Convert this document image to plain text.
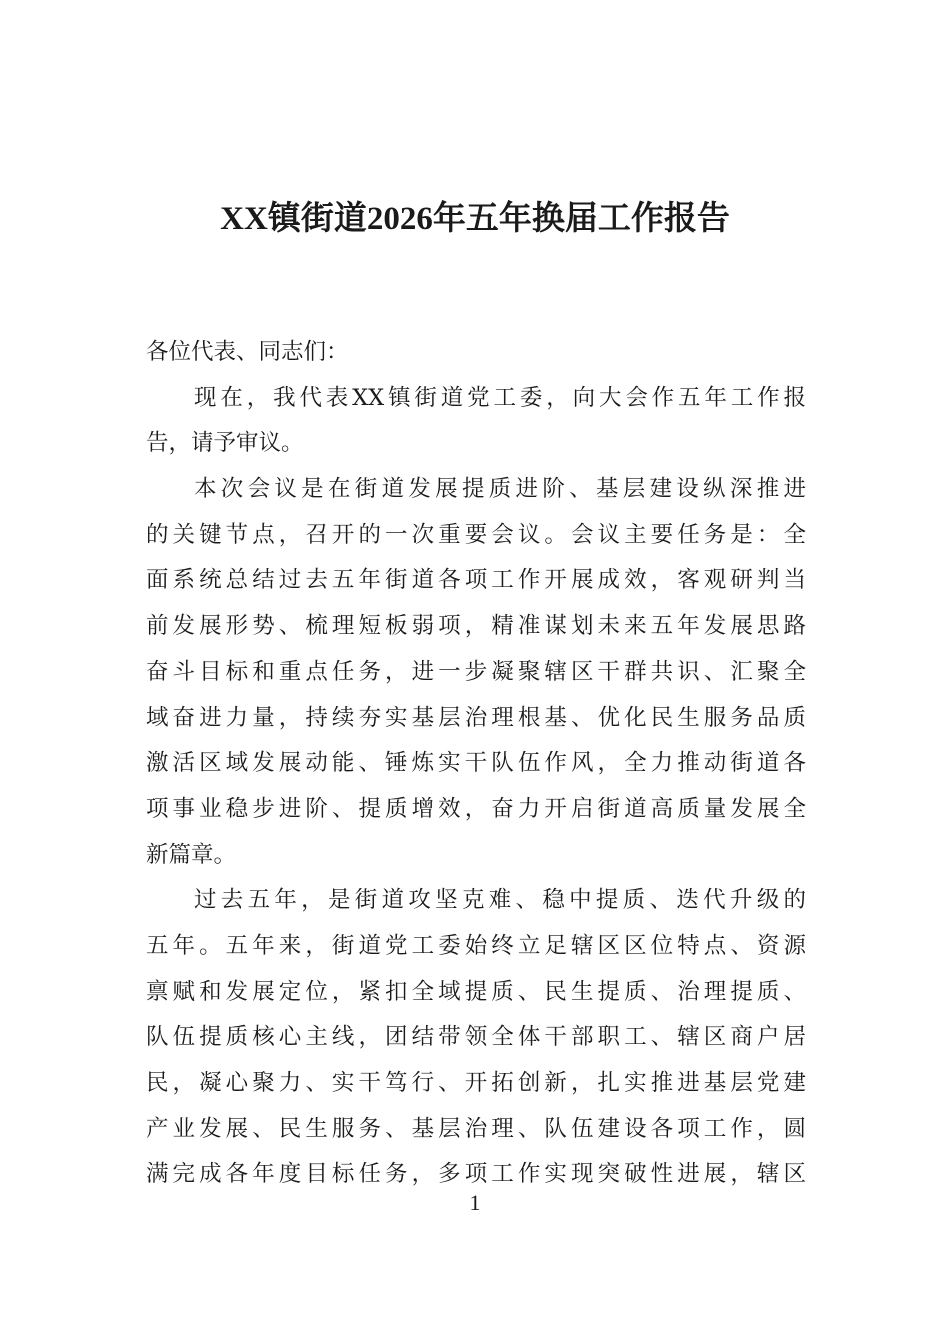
XX镇街道2026年五年换届工作报告
各位代表、同志们：
现在，我代表XX镇街道党工委，向大会作五年工作报
告，请予审议。
本次会议是在街道发展提质进阶、基层建设纵深推进
的关键节点，召开的一次重要会议。会议主要任务是：全
面系统总结过去五年街道各项工作开展成效，客观研判当
前发展形势、梳理短板弱项，精准谋划未来五年发展思路
奋斗目标和重点任务，进一步凝聚辖区干群共识、汇聚全
域奋进力量，持续夯实基层治理根基、优化民生服务品质
激活区域发展动能、锤炼实干队伍作风，全力推动街道各
项事业稳步进阶、提质增效，奋力开启街道高质量发展全
新篇章。
过去五年，是街道攻坚克难、稳中提质、迭代升级的
五年。五年来，街道党工委始终立足辖区区位特点、资源
禀赋和发展定位，紧扣全域提质、民生提质、治理提质、
队伍提质核心主线，团结带领全体干部职工、辖区商户居
民，凝心聚力、实干笃行、开拓创新，扎实推进基层党建
产业发展、民生服务、基层治理、队伍建设各项工作，圆
满完成各年度目标任务，多项工作实现突破性进展，辖区
1
